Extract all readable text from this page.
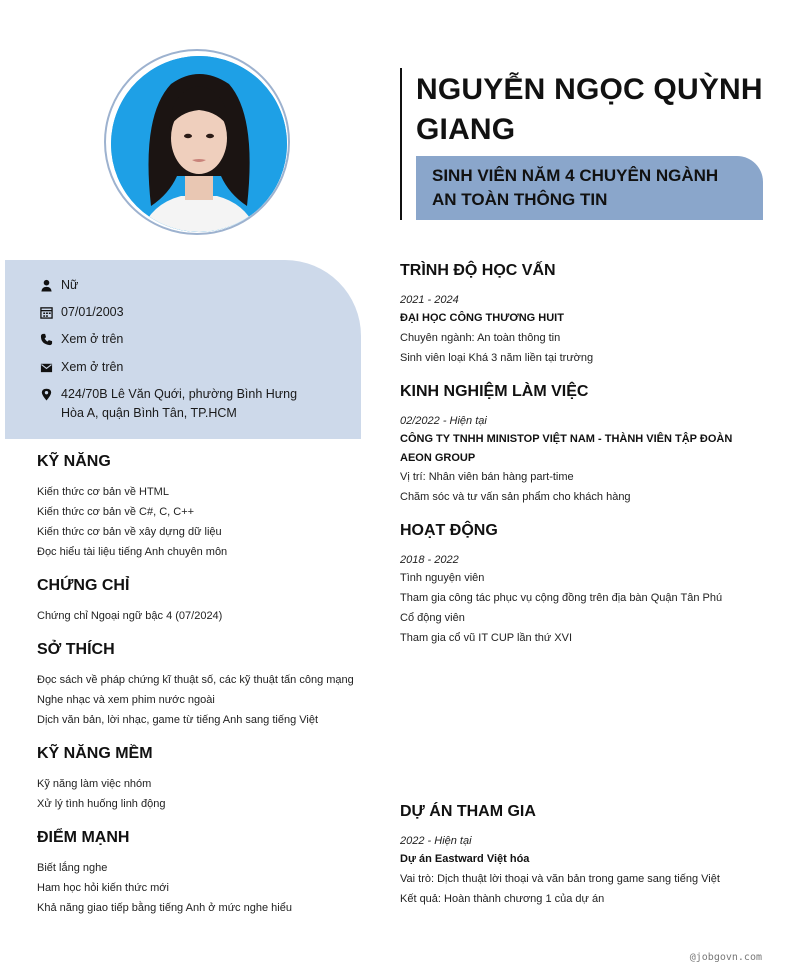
NGUYỄN NGỌC QUỲNH GIANG
SINH VIÊN NĂM 4 CHUYÊN NGÀNH
AN TOÀN THÔNG TIN
Nữ
07/01/2003
Xem ở trên
Xem ở trên
424/70B Lê Văn Quới, phường Bình Hưng Hòa A, quận Bình Tân, TP.HCM
KỸ NĂNG
Kiến thức cơ bản về HTML
Kiến thức cơ bản về C#, C, C++
Kiến thức cơ bản về xây dựng dữ liệu
Đọc hiểu tài liệu tiếng Anh chuyên môn
CHỨNG CHỈ
Chứng chỉ Ngoại ngữ bậc 4 (07/2024)
SỞ THÍCH
Đọc sách về pháp chứng kĩ thuật số, các kỹ thuật tấn công mạng
Nghe nhạc và xem phim nước ngoài
Dịch văn bản, lời nhạc, game từ tiếng Anh sang tiếng Việt
KỸ NĂNG MỀM
Kỹ năng làm việc nhóm
Xử lý tình huống linh động
ĐIỂM MẠNH
Biết lắng nghe
Ham học hỏi kiến thức mới
Khả năng giao tiếp bằng tiếng Anh ở mức nghe hiểu
TRÌNH ĐỘ HỌC VẤN
2021 - 2024
ĐẠI HỌC CÔNG THƯƠNG HUIT
Chuyên ngành: An toàn thông tin
Sinh viên loại Khá 3 năm liền tại trường
KINH NGHIỆM LÀM VIỆC
02/2022 - Hiện tại
CÔNG TY TNHH MINISTOP VIỆT NAM - THÀNH VIÊN TẬP ĐOÀN AEON GROUP
Vị trí: Nhân viên bán hàng part-time
Chăm sóc và tư vấn sản phẩm cho khách hàng
HOẠT ĐỘNG
2018 - 2022
Tình nguyện viên
Tham gia công tác phục vụ cộng đồng trên địa bàn Quận Tân Phú
Cổ động viên
Tham gia cổ vũ IT CUP lần thứ XVI
DỰ ÁN THAM GIA
2022 - Hiện tại
Dự án Eastward Việt hóa
Vai trò: Dịch thuật lời thoại và văn bản trong game sang tiếng Việt
Kết quả: Hoàn thành chương 1 của dự án
@jobgovn.com
